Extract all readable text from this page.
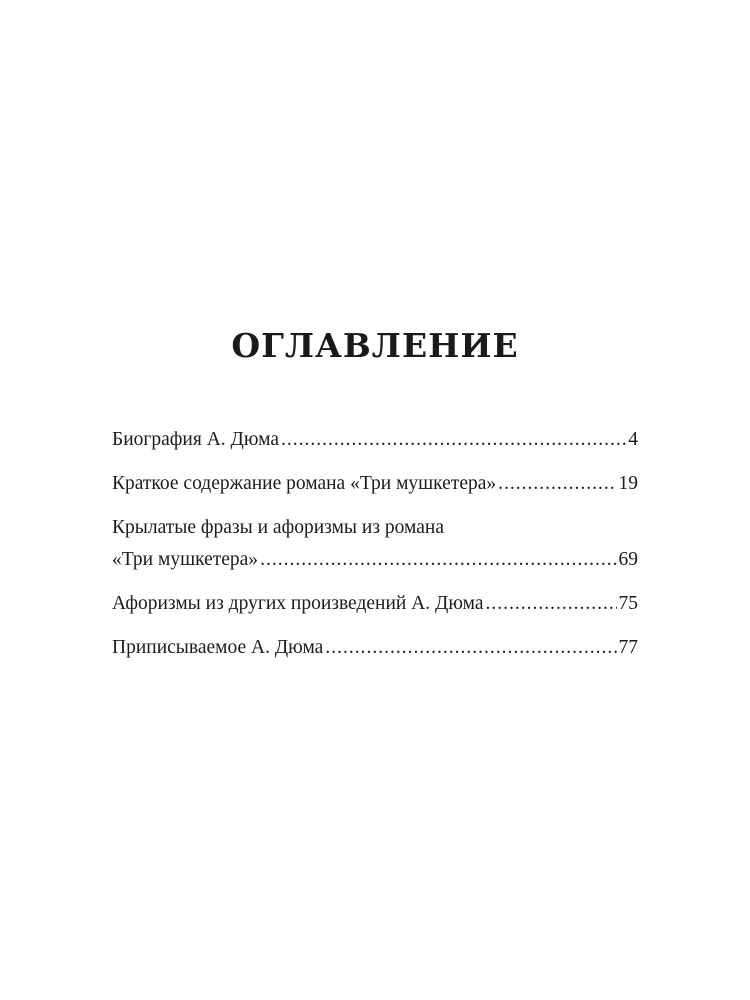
ОГЛАВЛЕНИЕ
Биография А. Дюма .....	4
Краткое содержание романа «Три мушкетера» .....	19
Крылатые фразы и афоризмы из романа
«Три мушкетера» .....	69
Афоризмы из других произведений А. Дюма .....	75
Приписываемое А. Дюма .....	77
